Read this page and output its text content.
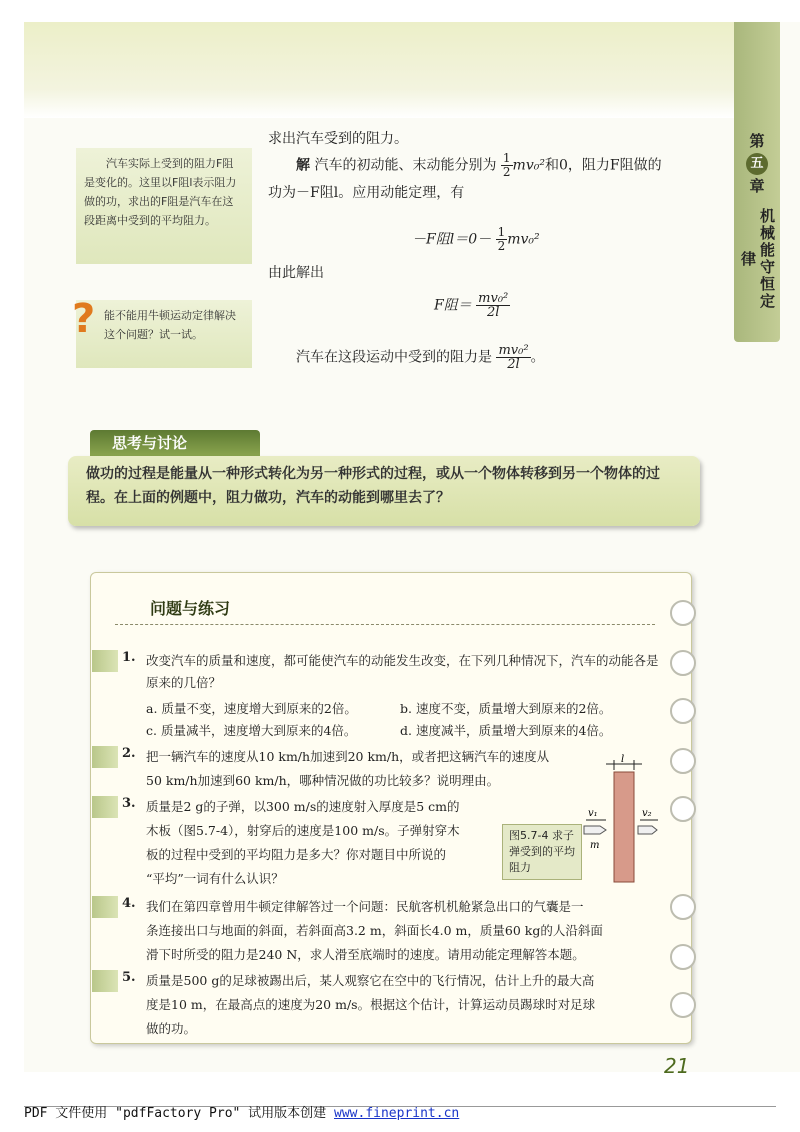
第
五
章
机械能守恒定律
汽车实际上受到的阻力F阻是变化的。这里以F阻l表示阻力做的功，求出的F阻是汽车在这段距离中受到的平均阻力。
能不能用牛顿运动定律解决这个问题？试一试。
?
求出汽车受到的阻力。
解 汽车的初动能、末动能分别为 $\frac{1}{2} mv_0^2$和0，阻力F阻做的
功为－F阻l。应用动能定理，有
－F阻$l=0- \frac{1}{2} mv_0^2$
由此解出
F阻＝ $\frac{\text{mv₀²}}{2l}$
汽车在这段运动中受到的阻力是 $\frac{\text{mv₀²}}{2l}$ 。
思考与讨论
做功的过程是能量从一种形式转化为另一种形式的过程，或从一个物体转移到另一个物体的过程。在上面的例题中，阻力做功，汽车的动能到哪里去了？
问题与练习
1. 改变汽车的质量和速度，都可能使汽车的动能发生改变，在下列几种情况下，汽车的动能各是原来的几倍？
a. 质量不变，速度增大到原来的2倍。	b. 速度不变，质量增大到原来的2倍。
c. 质量减半，速度增大到原来的4倍。	d. 速度减半，质量增大到原来的4倍。
2. 把一辆汽车的速度从10 km/h加速到20 km/h，或者把这辆汽车的速度从
50 km/h加速到60 km/h，哪种情况做的功比较多？说明理由。
3. 质量是2 g的子弹，以300 m/s的速度射入厚度是5 cm的
木板（图5.7-4），射穿后的速度是100 m/s。子弹射穿木
板的过程中受到的平均阻力是多大？你对题目中所说的
“平均”一词有什么认识？
l
v₁	v₂
m
图5.7-4 求子弹受到的平均阻力
4. 我们在第四章曾用牛顿定律解答过一个问题：民航客机机舱紧急出口的气囊是一
条连接出口与地面的斜面，若斜面高3.2 m，斜面长4.0 m，质量60 kg的人沿斜面
滑下时所受的阻力是240 N，求人滑至底端时的速度。请用动能定理解答本题。
5. 质量是500 g的足球被踢出后，某人观察它在空中的飞行情况，估计上升的最大高
度是10 m，在最高点的速度为20 m/s。根据这个估计，计算运动员踢球时对足球
做的功。
21
PDF 文件使用 "pdfFactory Pro" 试用版本创建 www.fineprint.cn
